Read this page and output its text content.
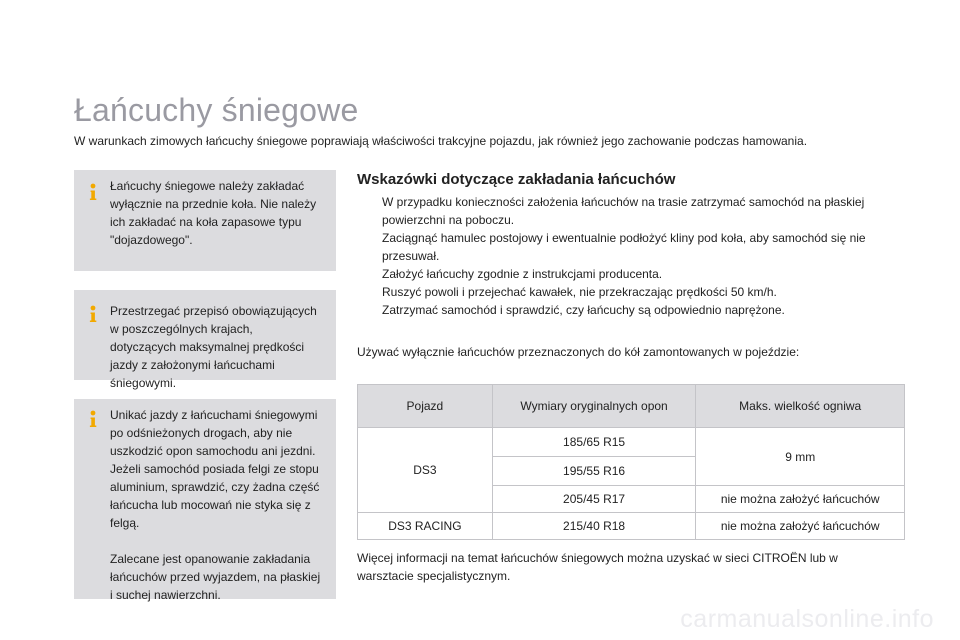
Łańcuchy śniegowe
W warunkach zimowych łańcuchy śniegowe poprawiają właściwości trakcyjne pojazdu, jak również jego zachowanie podczas hamowania.

Łańcuchy śniegowe należy zakładać wyłącznie na przednie koła. Nie należy ich zakładać na koła zapasowe typu "dojazdowego".

Przestrzegać przepisó obowiązujących w poszczególnych krajach, dotyczących maksymalnej prędkości jazdy z założonymi łańcuchami śniegowymi.

Unikać jazdy z łańcuchami śniegowymi po odśnieżonych drogach, aby nie uszkodzić opon samochodu ani jezdni. Jeżeli samochód posiada felgi ze stopu aluminium, sprawdzić, czy żadna część łańcucha lub mocowań nie styka się z felgą.

Zalecane jest opanowanie zakładania łańcuchów przed wyjazdem, na płaskiej i suchej nawierzchni.

Wskazówki dotyczące zakładania łańcuchów
W przypadku konieczności założenia łańcuchów na trasie zatrzymać samochód na płaskiej powierzchni na poboczu.
Zaciągnąć hamulec postojowy i ewentualnie podłożyć kliny pod koła, aby samochód się nie przesuwał.
Założyć łańcuchy zgodnie z instrukcjami producenta.
Ruszyć powoli i przejechać kawałek, nie przekraczając prędkości 50 km/h.
Zatrzymać samochód i sprawdzić, czy łańcuchy są odpowiednio naprężone.
Używać wyłącznie łańcuchów przeznaczonych do kół zamontowanych w pojeździe:
Pojazd	Wymiary oryginalnych opon	Maks. wielkość ogniwa
DS3	185/65 R15	9 mm
	195/55 R16	
	205/45 R17	nie można założyć łańcuchów
DS3 RACING	215/40 R18	nie można założyć łańcuchów
Więcej informacji na temat łańcuchów śniegowych można uzyskać w sieci CITROËN lub w warsztacie specjalistycznym.
carmanualsonline.info
